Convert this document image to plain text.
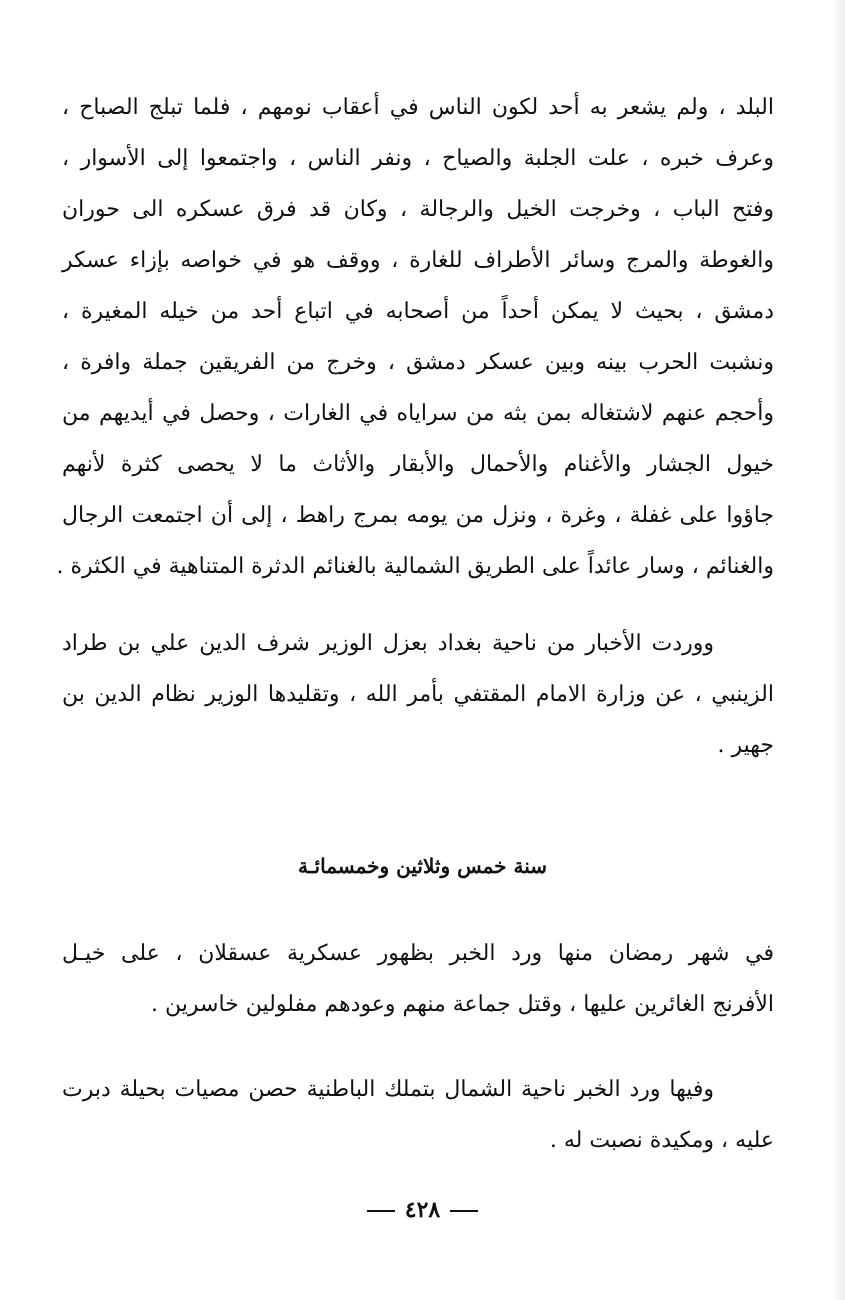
البلد ، ولم يشعر به أحد لكون الناس في أعقاب نومهم ، فلما تبلج الصباح ،
وعرف خبره ، علت الجلبة والصياح ، ونفر الناس ، واجتمعوا إلى الأسوار ،
وفتح الباب ، وخرجت الخيل والرجالة ، وكان قد فرق عسكره الى حوران
والغوطة والمرج وسائر الأطراف للغارة ، ووقف هو في خواصه بإزاء عسكر
دمشق ، بحيث لا يمكن أحداً من أصحابه في اتباع أحد من خيله المغيرة ،
ونشبت الحرب بينه وبين عسكر دمشق ، وخرج من الفريقين جملة وافرة ،
وأحجم عنهم لاشتغاله بمن بثه من سراياه في الغارات ، وحصل في أيديهم من
خيول الجشار والأغنام والأحمال والأبقار والأثاث ما لا يحصى كثرة لأنهم
جاؤوا على غفلة ، وغرة ، ونزل من يومه بمرج راهط ، إلى أن اجتمعت الرجال
والغنائم ، وسار عائداً على الطريق الشمالية بالغنائم الدثرة المتناهية في الكثرة .
ووردت الأخبار من ناحية بغداد بعزل الوزير شرف الدين علي بن طراد
الزينبي ، عن وزارة الامام المقتفي بأمر الله ، وتقليدها الوزير نظام الدين بن
جهير .
سنة خمس وثلاثين وخمسمائـة
في شهر رمضان منها ورد الخبر بظهور عسكرية عسقلان ، على خيـل
الأفرنج الغائرين عليها ، وقتل جماعة منهم وعودهم مفلولين خاسرين .
وفيها ورد الخبر ناحية الشمال بتملك الباطنية حصن مصيات بحيلة دبرت
عليه ، ومكيدة نصبت له .
٤٢٨
